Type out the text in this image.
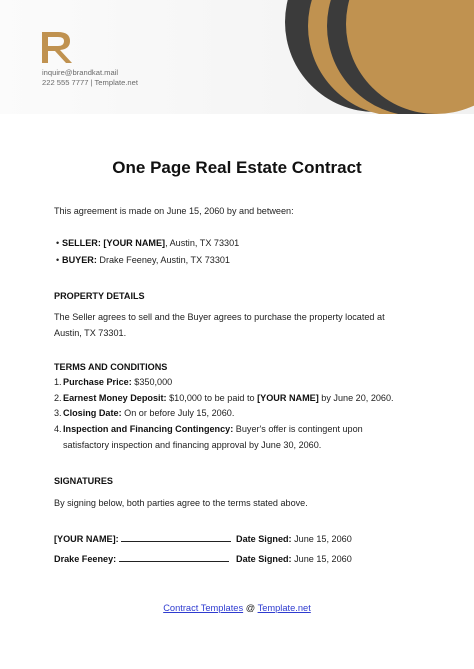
inquire@brandkat.mail
222 555 7777 | Template.net
One Page Real Estate Contract
This agreement is made on June 15, 2060 by and between:
• SELLER: [YOUR NAME], Austin, TX 73301
• BUYER: Drake Feeney, Austin, TX 73301
PROPERTY DETAILS
The Seller agrees to sell and the Buyer agrees to purchase the property located at
Austin, TX 73301.
TERMS AND CONDITIONS
1.Purchase Price: $350,000
2.Earnest Money Deposit: $10,000 to be paid to [YOUR NAME] by June 20, 2060.
3.Closing Date: On or before July 15, 2060.
4.Inspection and Financing Contingency: Buyer's offer is contingent upon
satisfactory inspection and financing approval by June 30, 2060.
SIGNATURES
By signing below, both parties agree to the terms stated above.
[YOUR NAME]:	Date Signed: June 15, 2060
Drake Feeney:	Date Signed: June 15, 2060
Contract Templates @ Template.net
